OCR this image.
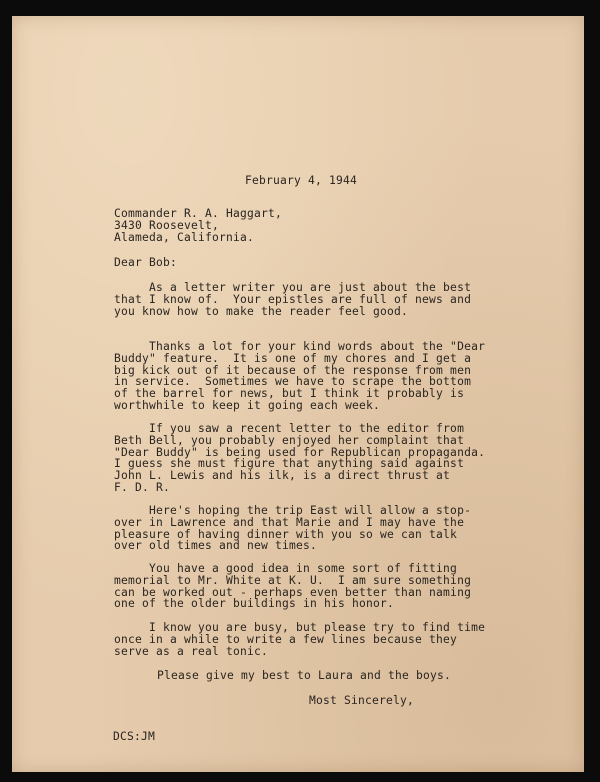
February 4, 1944

Commander R. A. Haggart,
3430 Roosevelt,
Alameda, California.

Dear Bob:

As a letter writer you are just about the best
that I know of.  Your epistles are full of news and
you know how to make the reader feel good.

Thanks a lot for your kind words about the "Dear
Buddy" feature.  It is one of my chores and I get a
big kick out of it because of the response from men
in service.  Sometimes we have to scrape the bottom
of the barrel for news, but I think it probably is
worthwhile to keep it going each week.

If you saw a recent letter to the editor from
Beth Bell, you probably enjoyed her complaint that
"Dear Buddy" is being used for Republican propaganda.
I guess she must figure that anything said against
John L. Lewis and his ilk, is a direct thrust at
F. D. R.

Here's hoping the trip East will allow a stop-
over in Lawrence and that Marie and I may have the
pleasure of having dinner with you so we can talk
over old times and new times.

You have a good idea in some sort of fitting
memorial to Mr. White at K. U.  I am sure something
can be worked out - perhaps even better than naming
one of the older buildings in his honor.

I know you are busy, but please try to find time
once in a while to write a few lines because they
serve as a real tonic.

Please give my best to Laura and the boys.

Most Sincerely,

DCS:JM
